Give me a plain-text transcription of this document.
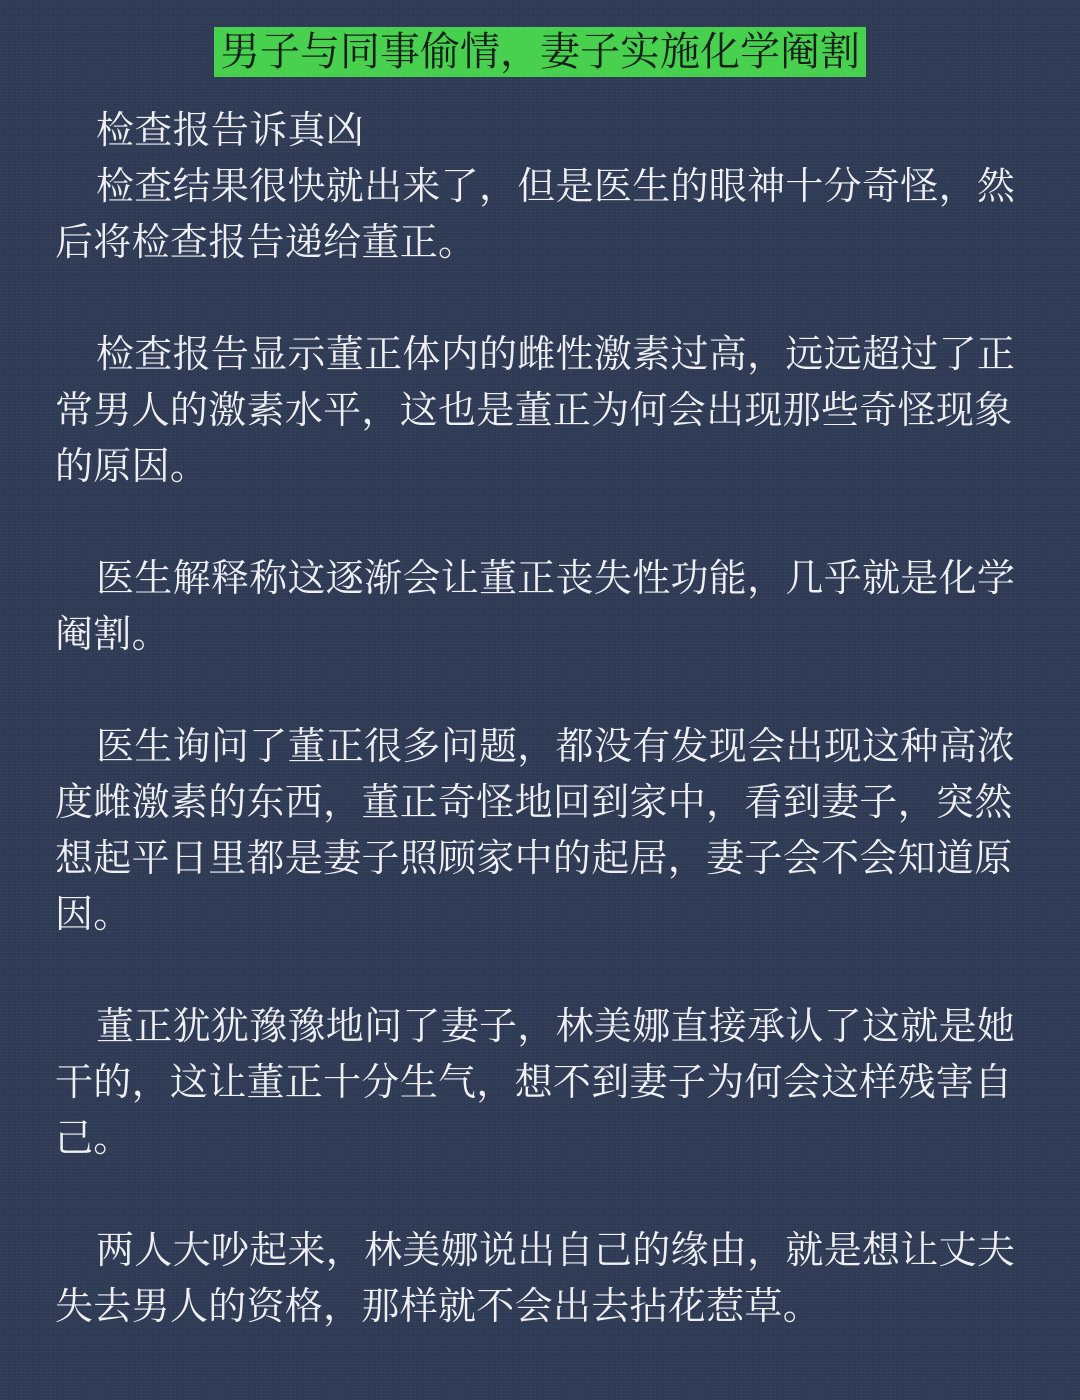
男子与同事偷情，妻子实施化学阉割

检查报告诉真凶

检查结果很快就出来了，但是医生的眼神十分奇怪，然后将检查报告递给董正。

检查报告显示董正体内的雌性激素过高，远远超过了正常男人的激素水平，这也是董正为何会出现那些奇怪现象的原因。

医生解释称这逐渐会让董正丧失性功能，几乎就是化学阉割。

医生询问了董正很多问题，都没有发现会出现这种高浓度雌激素的东西，董正奇怪地回到家中，看到妻子，突然想起平日里都是妻子照顾家中的起居，妻子会不会知道原因。

董正犹犹豫豫地问了妻子，林美娜直接承认了这就是她干的，这让董正十分生气，想不到妻子为何会这样残害自己。

两人大吵起来，林美娜说出自己的缘由，就是想让丈夫失去男人的资格，那样就不会出去拈花惹草。
